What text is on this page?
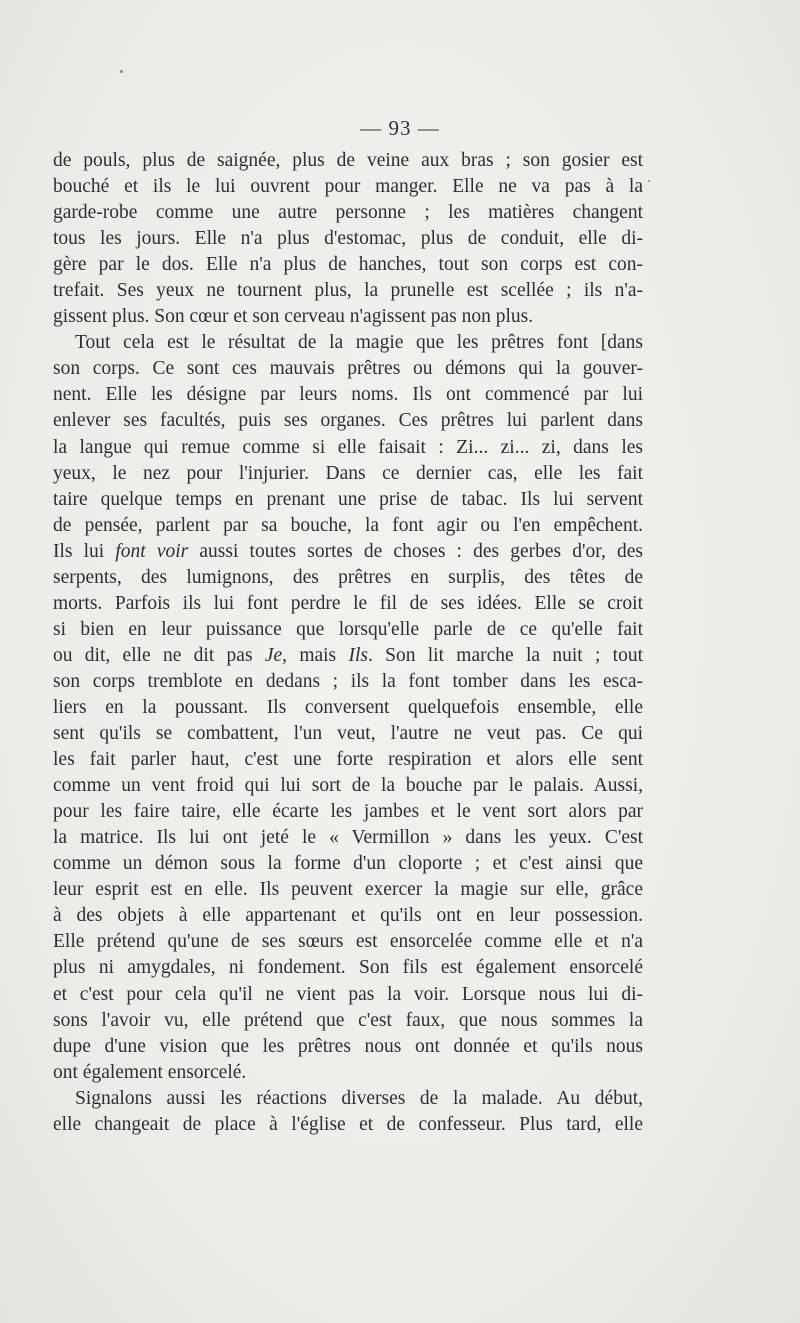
— 93 —
de pouls, plus de saignée, plus de veine aux bras ; son gosier est
bouché et ils le lui ouvrent pour manger. Elle ne va pas à la
garde-robe comme une autre personne ; les matières changent
tous les jours. Elle n'a plus d'estomac, plus de conduit, elle di-
gère par le dos. Elle n'a plus de hanches, tout son corps est con-
trefait. Ses yeux ne tournent plus, la prunelle est scellée ; ils n'a-
gissent plus. Son cœur et son cerveau n'agissent pas non plus.
Tout cela est le résultat de la magie que les prêtres font [dans
son corps. Ce sont ces mauvais prêtres ou démons qui la gouver-
nent. Elle les désigne par leurs noms. Ils ont commencé par lui
enlever ses facultés, puis ses organes. Ces prêtres lui parlent dans
la langue qui remue comme si elle faisait : Zi... zi... zi, dans les
yeux, le nez pour l'injurier. Dans ce dernier cas, elle les fait
taire quelque temps en prenant une prise de tabac. Ils lui servent
de pensée, parlent par sa bouche, la font agir ou l'en empêchent.
Ils lui font voir aussi toutes sortes de choses : des gerbes d'or, des
serpents, des lumignons, des prêtres en surplis, des têtes de
morts. Parfois ils lui font perdre le fil de ses idées. Elle se croit
si bien en leur puissance que lorsqu'elle parle de ce qu'elle fait
ou dit, elle ne dit pas Je, mais Ils. Son lit marche la nuit ; tout
son corps tremblote en dedans ; ils la font tomber dans les esca-
liers en la poussant. Ils conversent quelquefois ensemble, elle
sent qu'ils se combattent, l'un veut, l'autre ne veut pas. Ce qui
les fait parler haut, c'est une forte respiration et alors elle sent
comme un vent froid qui lui sort de la bouche par le palais. Aussi,
pour les faire taire, elle écarte les jambes et le vent sort alors par
la matrice. Ils lui ont jeté le « Vermillon » dans les yeux. C'est
comme un démon sous la forme d'un cloporte ; et c'est ainsi que
leur esprit est en elle. Ils peuvent exercer la magie sur elle, grâce
à des objets à elle appartenant et qu'ils ont en leur possession.
Elle prétend qu'une de ses sœurs est ensorcelée comme elle et n'a
plus ni amygdales, ni fondement. Son fils est également ensorcelé
et c'est pour cela qu'il ne vient pas la voir. Lorsque nous lui di-
sons l'avoir vu, elle prétend que c'est faux, que nous sommes la
dupe d'une vision que les prêtres nous ont donnée et qu'ils nous
ont également ensorcelé.
Signalons aussi les réactions diverses de la malade. Au début,
elle changeait de place à l'église et de confesseur. Plus tard, elle
